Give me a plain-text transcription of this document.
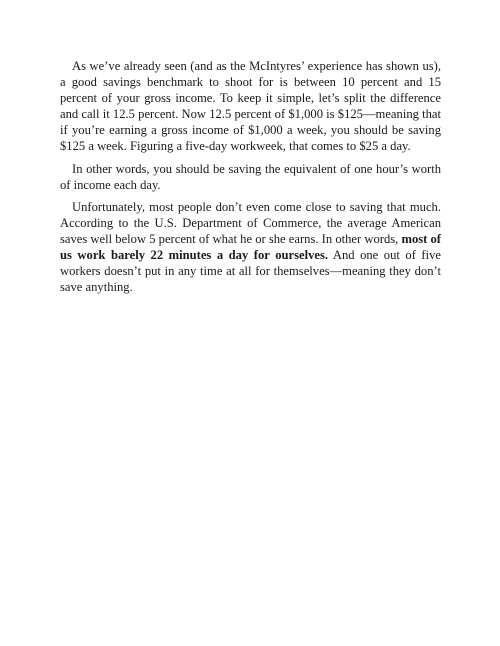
As we’ve already seen (and as the McIntyres’ experience has shown us), a good savings benchmark to shoot for is between 10 percent and 15 percent of your gross income. To keep it simple, let’s split the difference and call it 12.5 percent. Now 12.5 percent of $1,000 is $125—meaning that if you’re earning a gross income of $1,000 a week, you should be saving $125 a week. Figuring a five-day workweek, that comes to $25 a day.

In other words, you should be saving the equivalent of one hour’s worth of income each day.

Unfortunately, most people don’t even come close to saving that much. According to the U.S. Department of Commerce, the average American saves well below 5 percent of what he or she earns. In other words, most of us work barely 22 minutes a day for ourselves. And one out of five workers doesn’t put in any time at all for themselves—meaning they don’t save anything.
